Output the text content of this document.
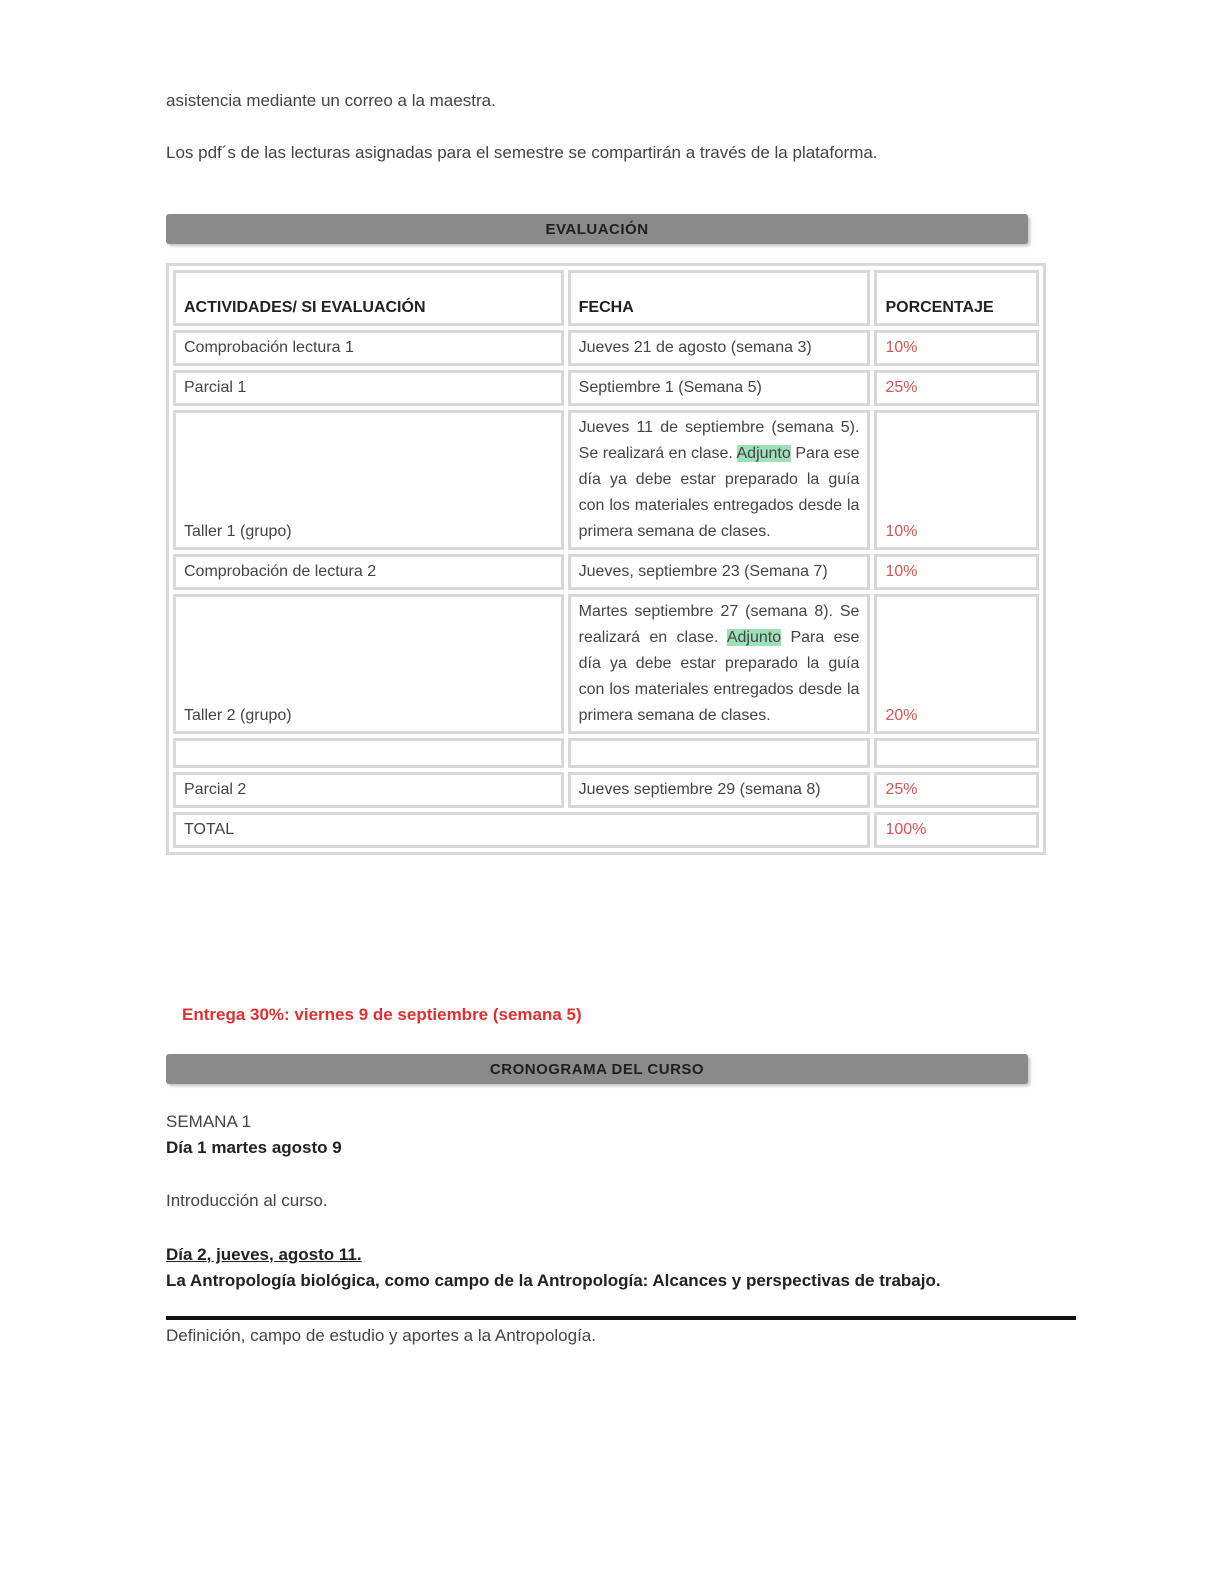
asistencia mediante un correo a la maestra.

Los pdf´s de las lecturas asignadas para el semestre se compartirán a través de la plataforma.

EVALUACIÓN
ACTIVIDADES/ SI EVALUACIÓN	FECHA	PORCENTAJE
Comprobación lectura 1	Jueves 21 de agosto (semana 3)	10%
Parcial 1	Septiembre 1 (Semana 5)	25%
Taller 1 (grupo)	Jueves 11 de septiembre (semana 5). Se realizará en clase. Adjunto Para ese día ya debe estar preparado la guía con los materiales entregados desde la primera semana de clases.	10%
Comprobación de lectura 2	Jueves, septiembre 23 (Semana 7)	10%
Taller 2 (grupo)	Martes septiembre 27 (semana 8). Se realizará en clase. Adjunto Para ese día ya debe estar preparado la guía con los materiales entregados desde la primera semana de clases.	20%

Parcial 2	Jueves septiembre 29 (semana 8)	25%
TOTAL		100%

Entrega 30%: viernes 9 de septiembre (semana 5)

CRONOGRAMA DEL CURSO

SEMANA 1

Día 1 martes agosto 9

Introducción al curso.

Día 2, jueves, agosto 11.

La Antropología biológica, como campo de la Antropología: Alcances y perspectivas de trabajo.

Definición, campo de estudio y aportes a la Antropología.
